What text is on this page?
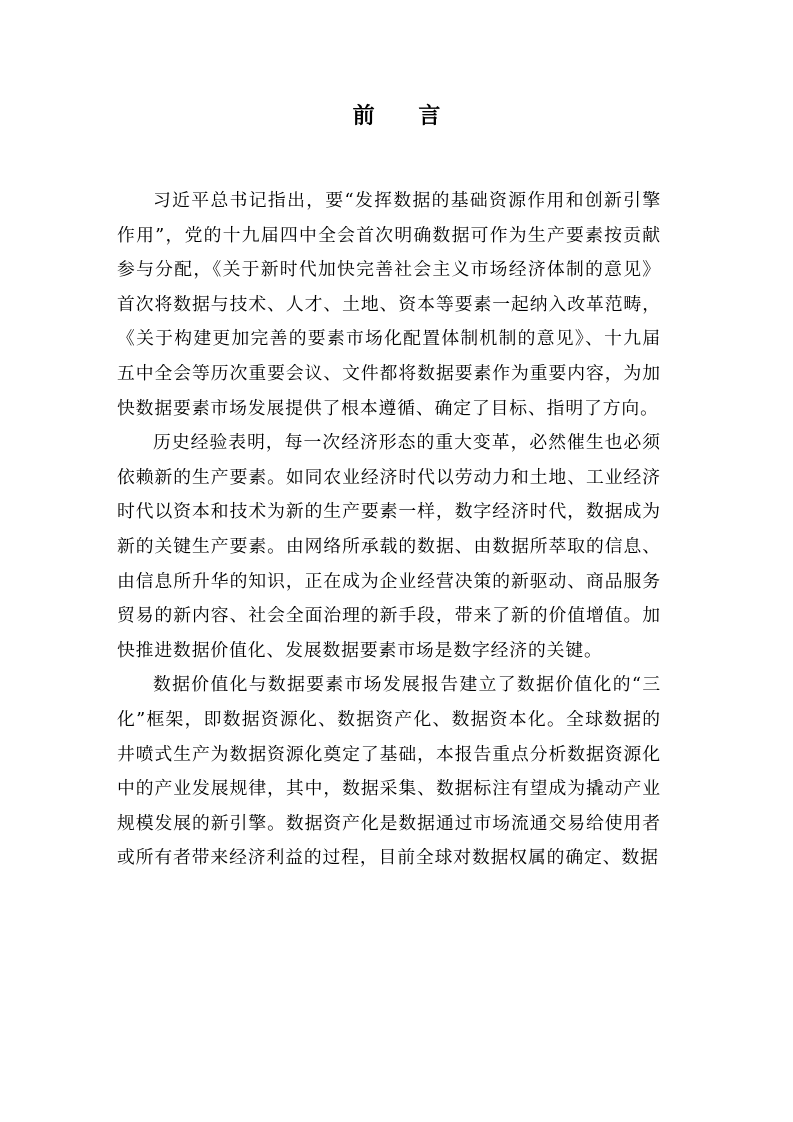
前 言

习近平总书记指出，要“发挥数据的基础资源作用和创新引擎作用”，党的十九届四中全会首次明确数据可作为生产要素按贡献参与分配，《关于新时代加快完善社会主义市场经济体制的意见》首次将数据与技术、人才、土地、资本等要素一起纳入改革范畴，《关于构建更加完善的要素市场化配置体制机制的意见》、十九届五中全会等历次重要会议、文件都将数据要素作为重要内容，为加快数据要素市场发展提供了根本遵循、确定了目标、指明了方向。

历史经验表明，每一次经济形态的重大变革，必然催生也必须依赖新的生产要素。如同农业经济时代以劳动力和土地、工业经济时代以资本和技术为新的生产要素一样，数字经济时代，数据成为新的关键生产要素。由网络所承载的数据、由数据所萃取的信息、由信息所升华的知识，正在成为企业经营决策的新驱动、商品服务贸易的新内容、社会全面治理的新手段，带来了新的价值增值。加快推进数据价值化、发展数据要素市场是数字经济的关键。

数据价值化与数据要素市场发展报告建立了数据价值化的“三化”框架，即数据资源化、数据资产化、数据资本化。全球数据的井喷式生产为数据资源化奠定了基础，本报告重点分析数据资源化中的产业发展规律，其中，数据采集、数据标注有望成为撬动产业规模发展的新引擎。数据资产化是数据通过市场流通交易给使用者或所有者带来经济利益的过程，目前全球对数据权属的确定、数据
